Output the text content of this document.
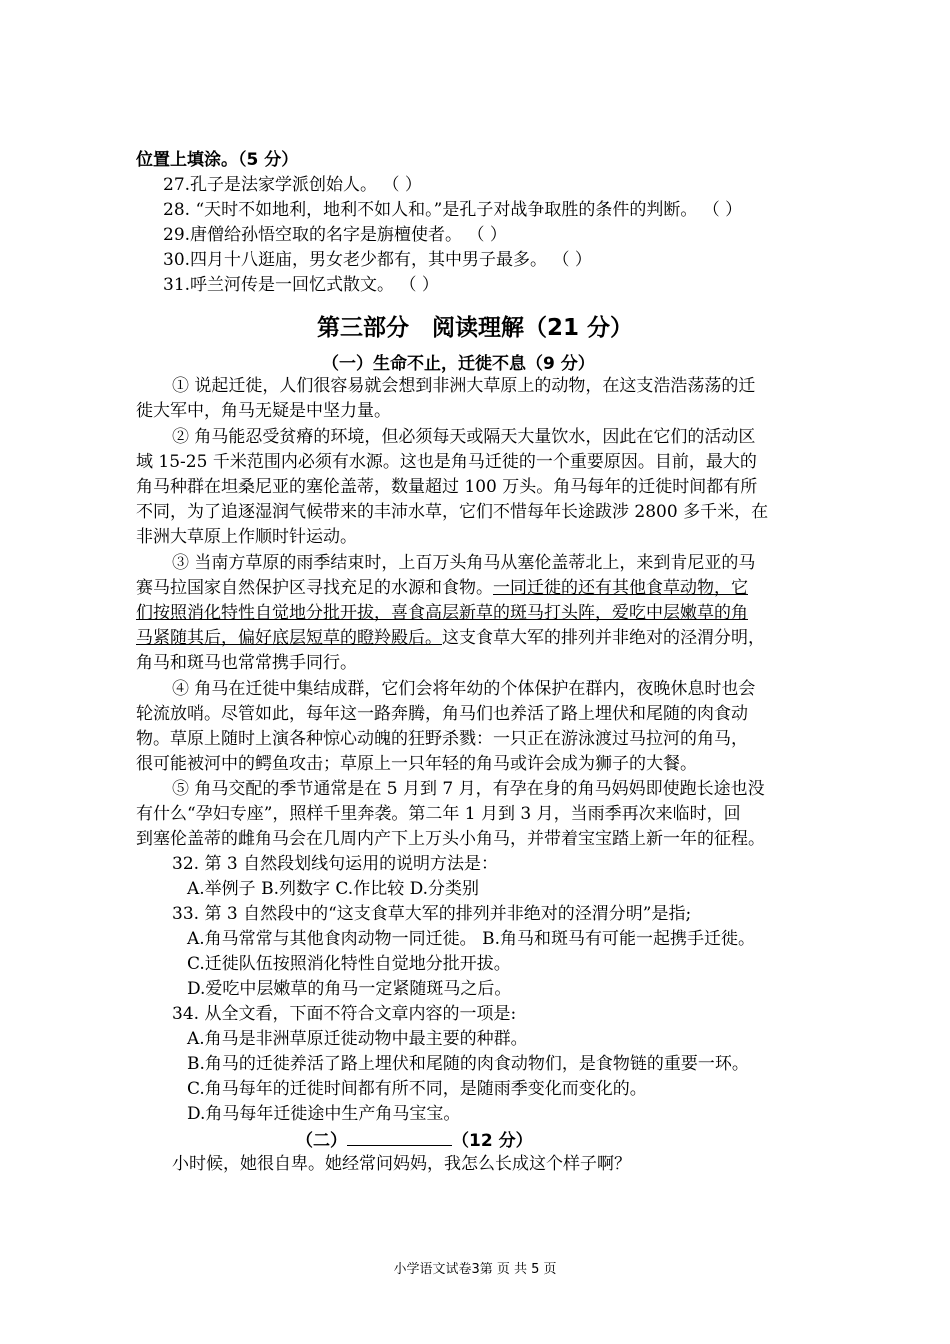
位置上填涂。（5 分）
27.孔子是法家学派创始人。 （ ）
28. “天时不如地利，地利不如人和。”是孔子对战争取胜的条件的判断。 （ ）
29.唐僧给孙悟空取的名字是旃檀使者。 （ ）
30.四月十八逛庙，男女老少都有，其中男子最多。 （ ）
31.呼兰河传是一回忆式散文。 （ ）
第三部分　阅读理解（21 分）
（一）生命不止，迁徙不息（9 分）
① 说起迁徙，人们很容易就会想到非洲大草原上的动物，在这支浩浩荡荡的迁
徙大军中，角马无疑是中坚力量。
② 角马能忍受贫瘠的环境，但必须每天或隔天大量饮水，因此在它们的活动区
域 15-25 千米范围内必须有水源。这也是角马迁徙的一个重要原因。目前，最大的
角马种群在坦桑尼亚的塞伦盖蒂，数量超过 100 万头。角马每年的迁徙时间都有所
不同，为了追逐湿润气候带来的丰沛水草，它们不惜每年长途跋涉 2800 多千米，在
非洲大草原上作顺时针运动。
③ 当南方草原的雨季结束时，上百万头角马从塞伦盖蒂北上，来到肯尼亚的马
赛马拉国家自然保护区寻找充足的水源和食物。一同迁徙的还有其他食草动物，它
们按照消化特性自觉地分批开拔，喜食高层新草的斑马打头阵，爱吃中层嫩草的角
马紧随其后，偏好底层短草的瞪羚殿后。这支食草大军的排列并非绝对的泾渭分明，
角马和斑马也常常携手同行。
④ 角马在迁徙中集结成群，它们会将年幼的个体保护在群内，夜晚休息时也会
轮流放哨。尽管如此，每年这一路奔腾，角马们也养活了路上埋伏和尾随的肉食动
物。草原上随时上演各种惊心动魄的狂野杀戮：一只正在游泳渡过马拉河的角马，
很可能被河中的鳄鱼攻击；草原上一只年轻的角马或许会成为狮子的大餐。
⑤ 角马交配的季节通常是在 5 月到 7 月，有孕在身的角马妈妈即使跑长途也没
有什么“孕妇专座”，照样千里奔袭。第二年 1 月到 3 月，当雨季再次来临时，回
到塞伦盖蒂的雌角马会在几周内产下上万头小角马，并带着宝宝踏上新一年的征程。
32. 第 3 自然段划线句运用的说明方法是：
A.举例子 B.列数字 C.作比较 D.分类别
33. 第 3 自然段中的“这支食草大军的排列并非绝对的泾渭分明”是指;
A.角马常常与其他食肉动物一同迁徙。 B.角马和斑马有可能一起携手迁徙。
C.迁徙队伍按照消化特性自觉地分批开拔。
D.爱吃中层嫩草的角马一定紧随斑马之后。
34. 从全文看，下面不符合文章内容的一项是:
A.角马是非洲草原迁徙动物中最主要的种群。
B.角马的迁徙养活了路上埋伏和尾随的肉食动物们，是食物链的重要一环。
C.角马每年的迁徙时间都有所不同，是随雨季变化而变化的。
D.角马每年迁徙途中生产角马宝宝。
（二）	（12 分）
小时候，她很自卑。她经常问妈妈，我怎么长成这个样子啊？
小学语文试卷3第 页 共 5 页
